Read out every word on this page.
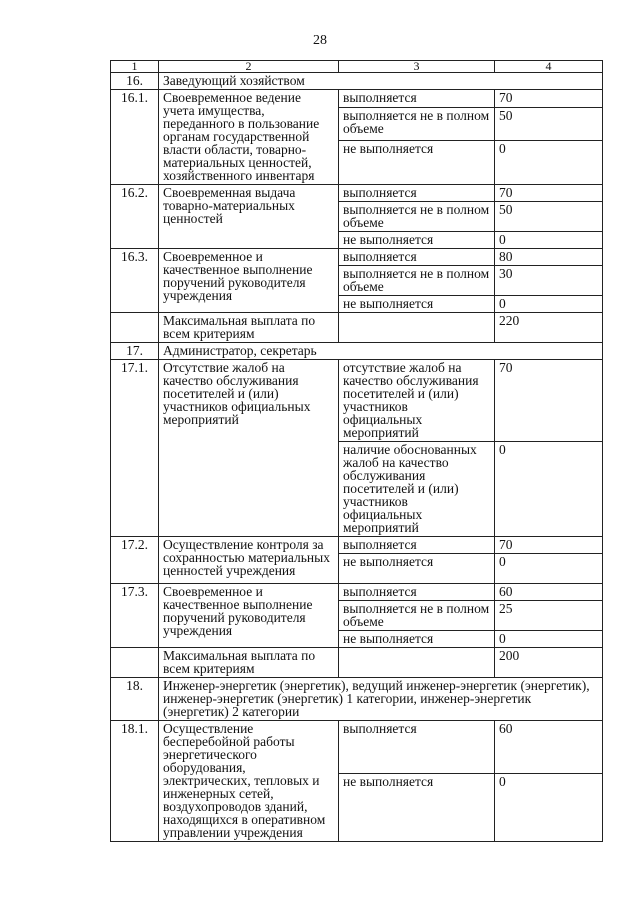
28
1	2	3	4
16.	Заведующий хозяйством		
16.1.	Своевременное ведение учета имущества, переданного в пользование органам государственной власти области, товарно-материальных ценностей, хозяйственного инвентаря	выполняется	70
		выполняется не в полном объеме	50
		не выполняется	0
16.2.	Своевременная выдача товарно-материальных ценностей	выполняется	70
		выполняется не в полном объеме	50
		не выполняется	0
16.3.	Своевременное и качественное выполнение поручений руководителя учреждения	выполняется	80
		выполняется не в полном объеме	30
		не выполняется	0
	Максимальная выплата по всем критериям		220
17.	Администратор, секретарь		
17.1.	Отсутствие жалоб на качество обслуживания посетителей и (или) участников официальных мероприятий	отсутствие жалоб на качество обслуживания посетителей и (или) участников официальных мероприятий	70
		наличие обоснованных жалоб на качество обслуживания посетителей и (или) участников официальных мероприятий	0
17.2.	Осуществление контроля за сохранностью материальных ценностей учреждения	выполняется	70
		не выполняется	0
17.3.	Своевременное и качественное выполнение поручений руководителя учреждения	выполняется	60
		выполняется не в полном объеме	25
		не выполняется	0
	Максимальная выплата по всем критериям		200
18.	Инженер-энергетик (энергетик), ведущий инженер-энергетик (энергетик), инженер-энергетик (энергетик) 1 категории, инженер-энергетик (энергетик) 2 категории		
18.1.	Осуществление бесперебойной работы энергетического оборудования, электрических, тепловых и инженерных сетей, воздухопроводов зданий, находящихся в оперативном управлении учреждения	выполняется	60
		не выполняется	0
